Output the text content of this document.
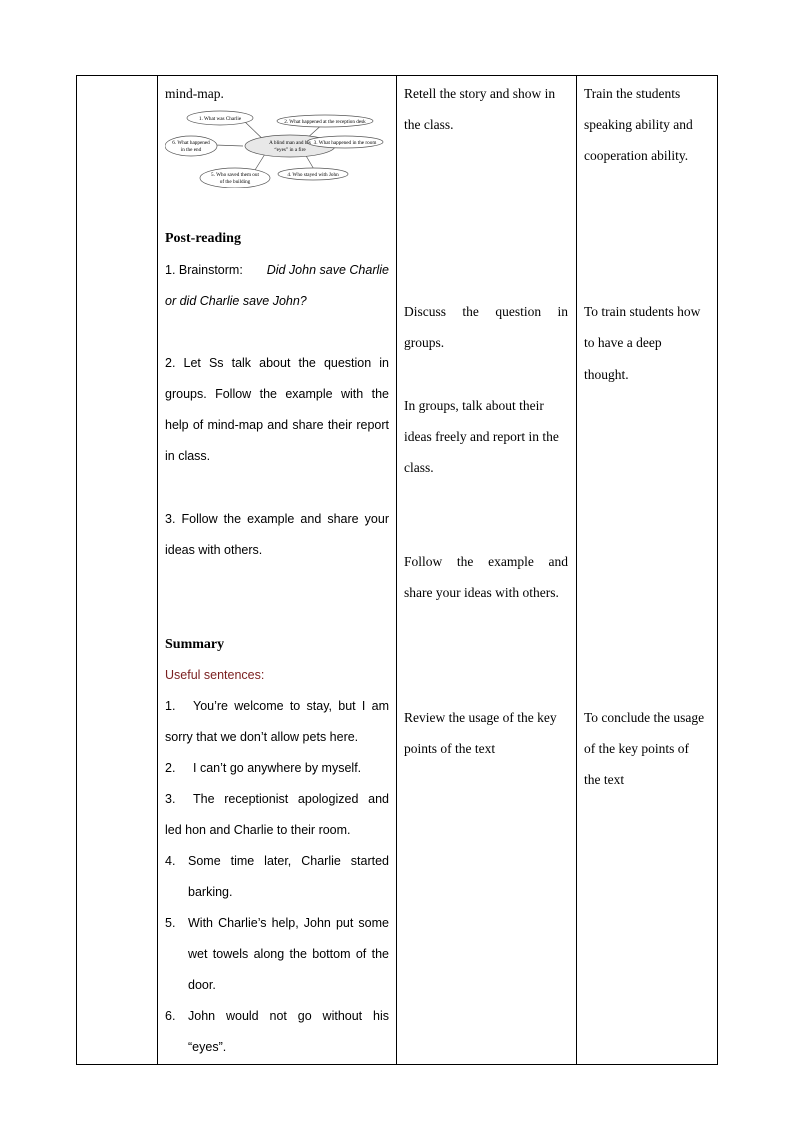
mind-map.
A blind man and his
“eyes” in a fire
1. What was Charlie	2. What happened at the reception desk
3. What happened in the room
4. Who stayed with John
5. Who saved them out
of the building
6. What happened
in the end
Post-reading
1. Brainstorm: Did John save Charlie
or did Charlie save John?
2. Let Ss talk about the question in
groups. Follow the example with the
help of mind-map and share their report
in class.
3. Follow the example and share your
ideas with others.
Summary
Useful sentences:
1. You’re welcome to stay, but I am
sorry that we don’t allow pets here.
2. I can’t go anywhere by myself.
3. The receptionist apologized and
led hon and Charlie to their room.
4. Some time later, Charlie started
barking.
5. With Charlie’s help, John put some
wet towels along the bottom of the
door.
6. John would not go without his
“eyes”.
Retell the story and show in
the class.
Discuss the question in
groups.
In groups, talk about their
ideas freely and report in the
class.
Follow the example and
share your ideas with others.
Review the usage of the key
points of the text
Train the students
speaking ability and
cooperation ability.
To train students how
to have a deep
thought.
To conclude the usage
of the key points of
the text
